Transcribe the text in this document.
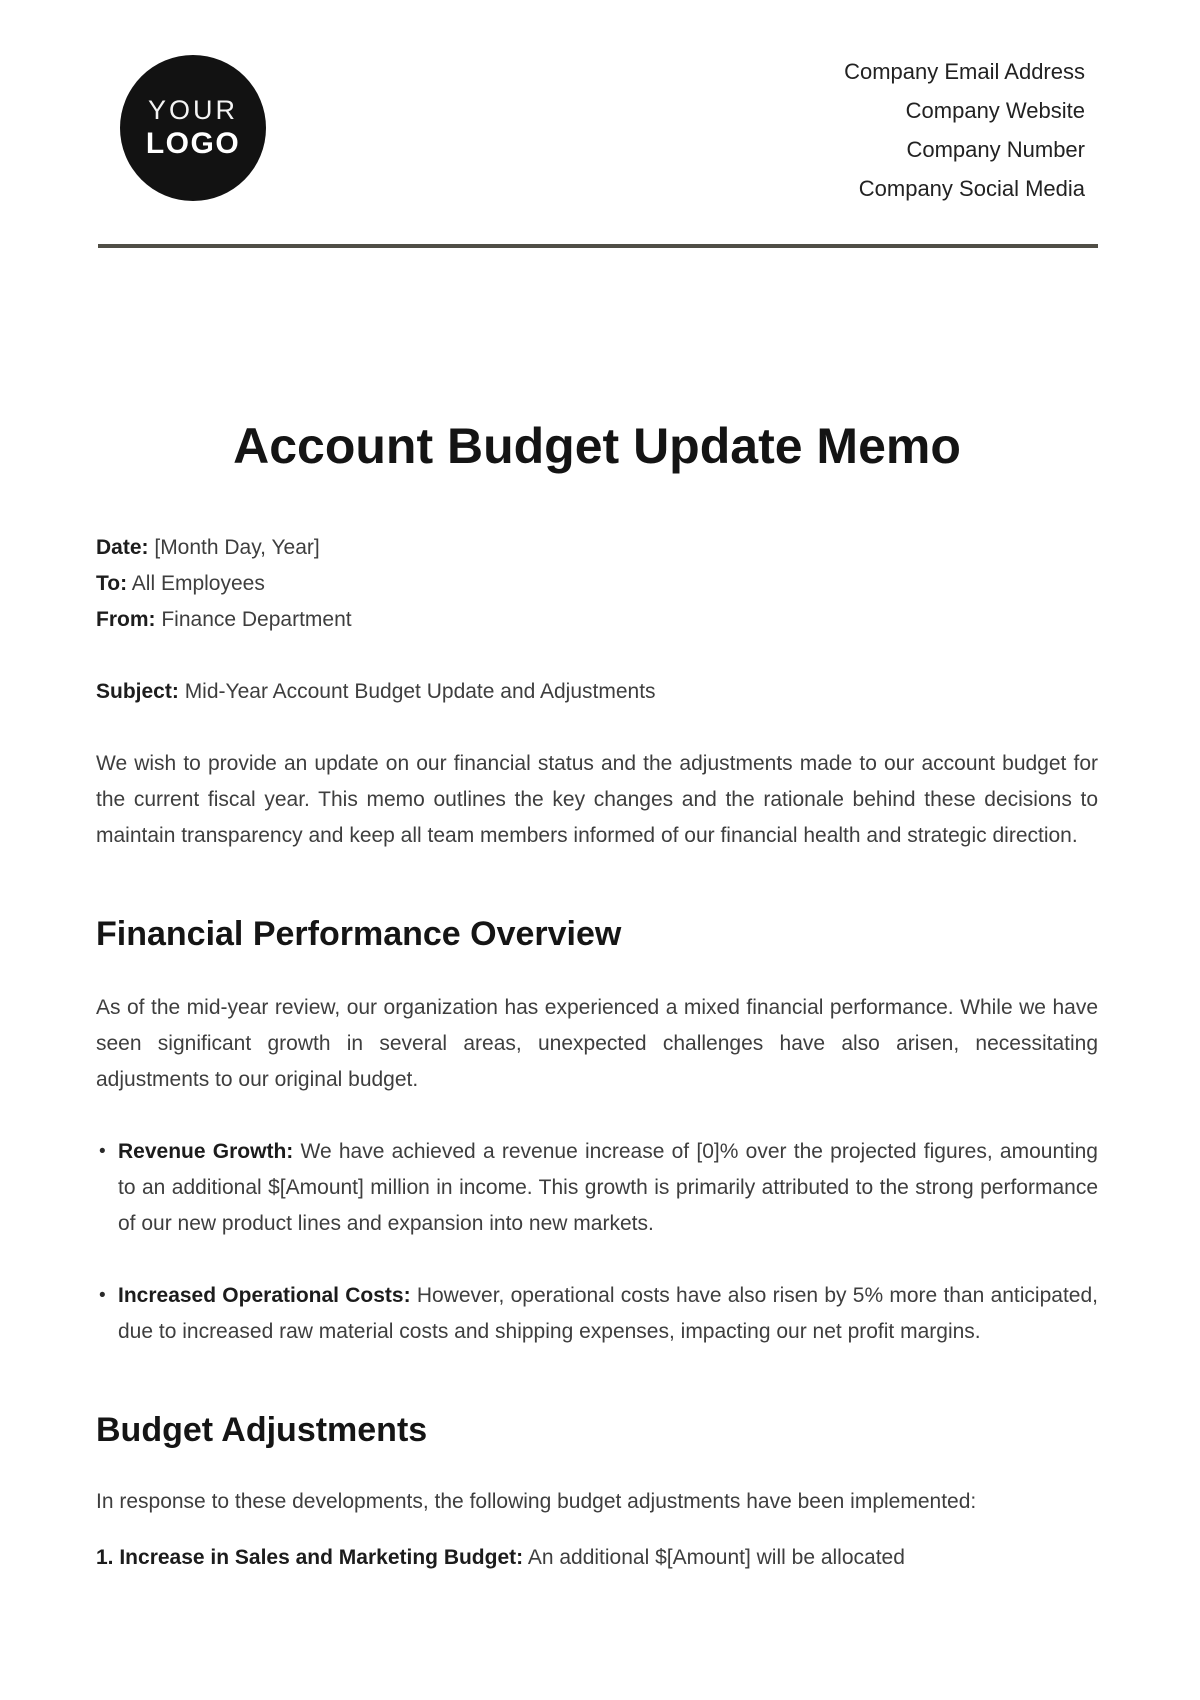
YOUR
LOGO
Company Email Address
Company Website
Company Number
Company Social Media
Account Budget Update Memo
Date: [Month Day, Year]
To: All Employees
From: Finance Department
Subject: Mid-Year Account Budget Update and Adjustments
We wish to provide an update on our financial status and the adjustments made to our account budget for the current fiscal year. This memo outlines the key changes and the rationale behind these decisions to maintain transparency and keep all team members informed of our financial health and strategic direction.
Financial Performance Overview
As of the mid-year review, our organization has experienced a mixed financial performance. While we have seen significant growth in several areas, unexpected challenges have also arisen, necessitating adjustments to our original budget.
• Revenue Growth: We have achieved a revenue increase of [0]% over the projected figures, amounting to an additional $[Amount] million in income. This growth is primarily attributed to the strong performance of our new product lines and expansion into new markets.
• Increased Operational Costs: However, operational costs have also risen by 5% more than anticipated, due to increased raw material costs and shipping expenses, impacting our net profit margins.
Budget Adjustments
In response to these developments, the following budget adjustments have been implemented:
1. Increase in Sales and Marketing Budget: An additional $[Amount] will be allocated
